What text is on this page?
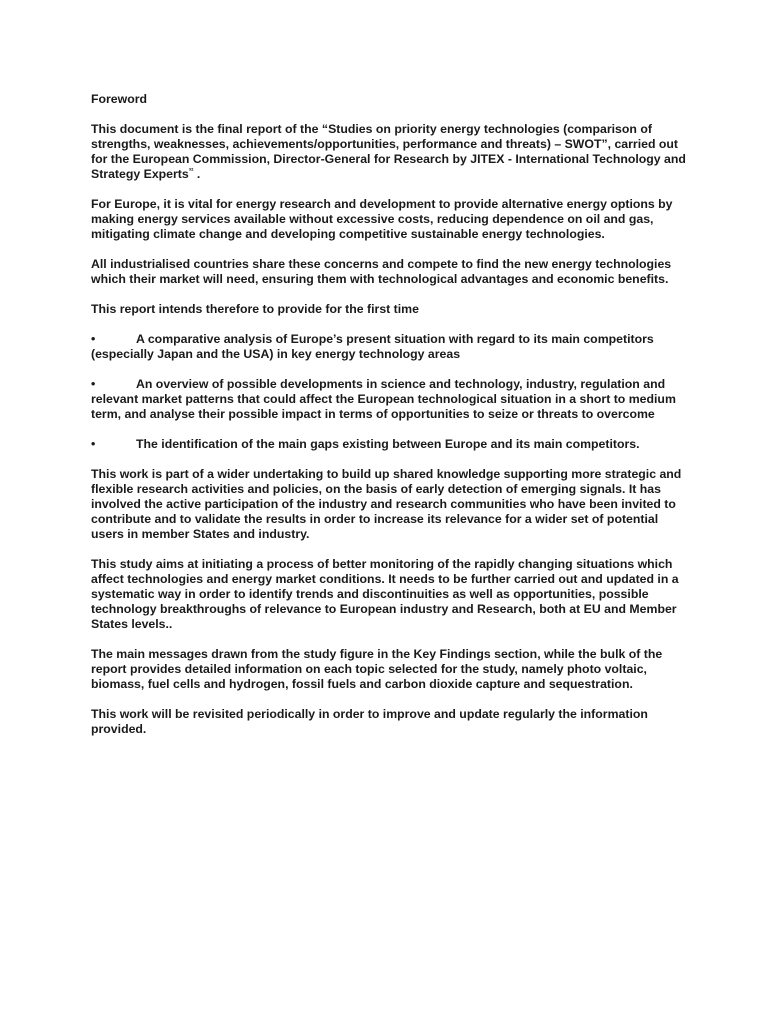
Foreword

This document is the final report of the “Studies on priority energy technologies (comparison of strengths, weaknesses, achievements/opportunities, performance and threats) – SWOT”, carried out for the European Commission, Director-General for Research by JITEX - International Technology and Strategy Experts$^{^{32}}$ .

For Europe, it is vital for energy research and development to provide alternative energy options by making energy services available without excessive costs, reducing dependence on oil and gas, mitigating climate change and developing competitive sustainable energy technologies.

All industrialised countries share these concerns and compete to find the new energy technologies which their market will need, ensuring them with technological advantages and economic benefits.

This report intends therefore to provide for the first time

•	A comparative analysis of Europe’s present situation with regard to its main competitors (especially Japan and the USA) in key energy technology areas

•	An overview of possible developments in science and technology, industry, regulation and relevant market patterns that could affect the European technological situation in a short to medium term, and analyse their possible impact in terms of opportunities to seize or threats to overcome

•	The identification of the main gaps existing between Europe and its main competitors.

This work is part of a wider undertaking to build up shared knowledge supporting more strategic and flexible research activities and policies, on the basis of early detection of emerging signals. It has involved the active participation of the industry and research communities who have been invited to contribute and to validate the results in order to increase its relevance for a wider set of potential users in member States and industry.

This study aims at initiating a process of better monitoring of the rapidly changing situations which affect technologies and energy market conditions. It needs to be further carried out and updated in a systematic way in order to identify trends and discontinuities as well as opportunities, possible technology breakthroughs of relevance to European industry and Research, both at EU and Member States levels..

The main messages drawn from the study figure in the Key Findings section, while the bulk of the report provides detailed information on each topic selected for the study, namely photo voltaic, biomass, fuel cells and hydrogen, fossil fuels and carbon dioxide capture and sequestration.

This work will be revisited periodically in order to improve and update regularly the information provided.
